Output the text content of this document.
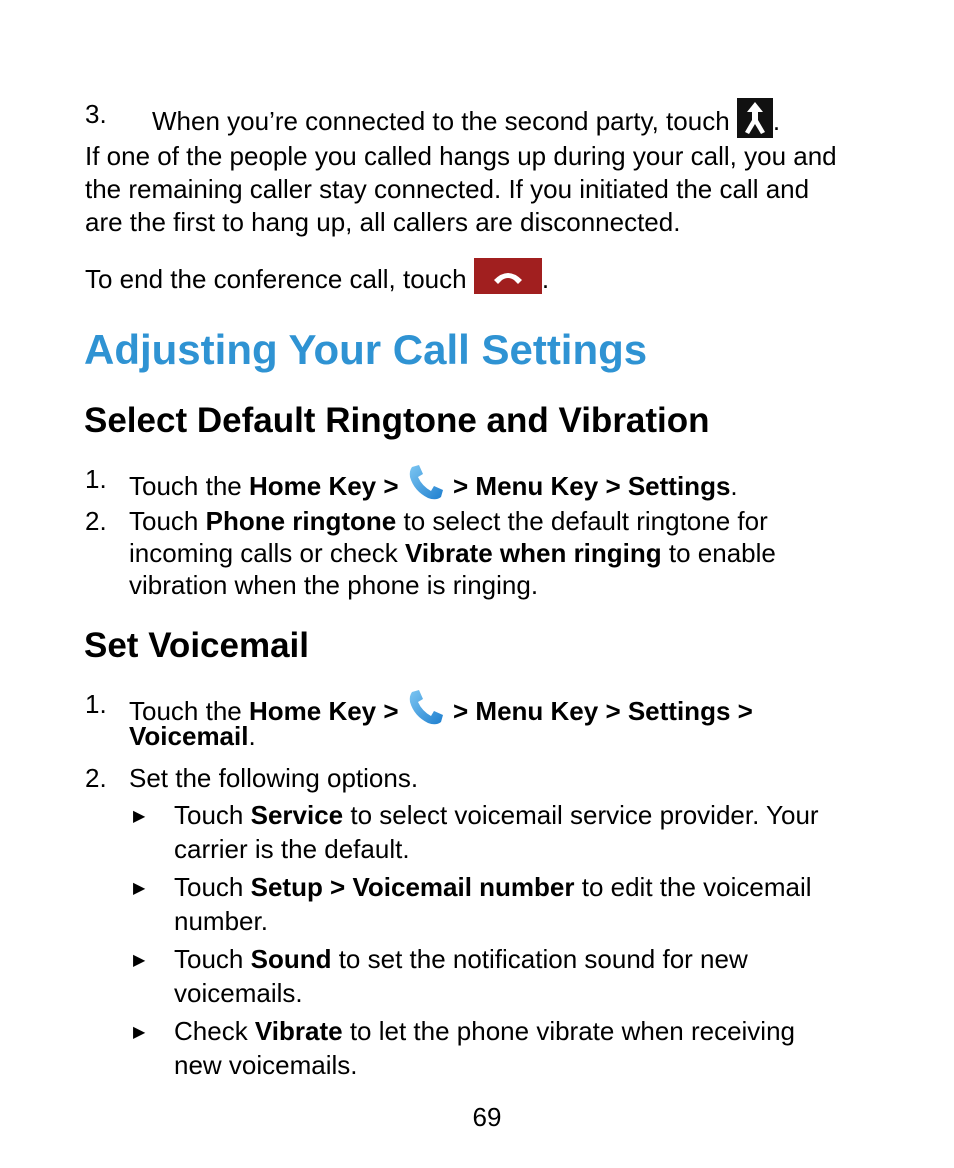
3. When you’re connected to the second party, touch .
If one of the people you called hangs up during your call, you and
the remaining caller stay connected. If you initiated the call and
are the first to hang up, all callers are disconnected.
To end the conference call, touch	.
Adjusting Your Call Settings
Select Default Ringtone and Vibration
1. Touch the Home Key >  > Menu Key > Settings.
2. Touch Phone ringtone to select the default ringtone for
incoming calls or check Vibrate when ringing to enable
vibration when the phone is ringing.
Set Voicemail
1. Touch the Home Key >  > Menu Key > Settings >
Voicemail.
2. Set the following options.
▶ Touch Service to select voicemail service provider. Your
carrier is the default.
▶ Touch Setup > Voicemail number to edit the voicemail
number.
▶ Touch Sound to set the notification sound for new
voicemails.
▶ Check Vibrate to let the phone vibrate when receiving
new voicemails.
69
